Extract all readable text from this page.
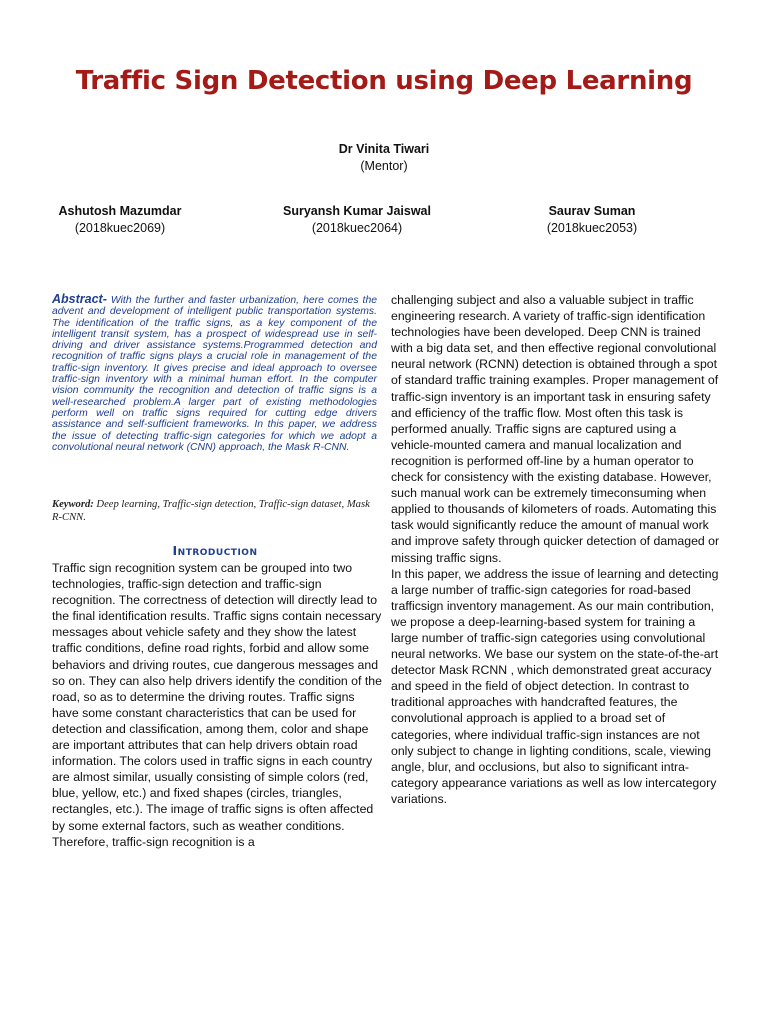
Traffic Sign Detection using Deep Learning
Dr Vinita Tiwari
(Mentor)
Ashutosh Mazumdar
(2018kuec2069)
Suryansh Kumar Jaiswal
(2018kuec2064)
Saurav Suman
(2018kuec2053)

Abstract- With the further and faster urbanization, here comes the advent and development of intelligent public transportation systems. The identification of the traffic signs, as a key component of the intelligent transit system, has a prospect of widespread use in self-driving and driver assistance systems.Programmed detection and recognition of traffic signs plays a crucial role in management of the traffic-sign inventory. It gives precise and ideal approach to oversee traffic-sign inventory with a minimal human effort. In the computer vision community the recognition and detection of traffic signs is a well-researched problem.A larger part of existing methodologies perform well on traffic signs required for cutting edge drivers assistance and self-sufficient frameworks. In this paper, we address the issue of detecting traffic-sign categories for which we adopt a convolutional neural network (CNN) approach, the Mask R-CNN.

Keyword: Deep learning, Traffic-sign detection, Traffic-sign dataset, Mask R-CNN.

Introduction

Traffic sign recognition system can be grouped into two technologies, traffic-sign detection and traffic-sign recognition. The correctness of detection will directly lead to the final identification results. Traffic signs contain necessary messages about vehicle safety and they show the latest traffic conditions, define road rights, forbid and allow some behaviors and driving routes, cue dangerous messages and so on. They can also help drivers identify the condition of the road, so as to determine the driving routes. Traffic signs have some constant characteristics that can be used for detection and classification, among them, color and shape are important attributes that can help drivers obtain road information. The colors used in traffic signs in each country are almost similar, usually consisting of simple colors (red, blue, yellow, etc.) and fixed shapes (circles, triangles, rectangles, etc.). The image of traffic signs is often affected by some external factors, such as weather conditions. Therefore, traffic-sign recognition is a

challenging subject and also a valuable subject in traffic engineering research. A variety of traffic-sign identification technologies have been developed. Deep CNN is trained with a big data set, and then effective regional convolutional neural network (RCNN) detection is obtained through a spot of standard traffic training examples. Proper management of traffic-sign inventory is an important task in ensuring safety and efficiency of the traffic flow. Most often this task is performed anually. Traffic signs are captured using a vehicle-mounted camera and manual localization and recognition is performed off-line by a human operator to check for consistency with the existing database. However, such manual work can be extremely timeconsuming when applied to thousands of kilometers of roads. Automating this task would significantly reduce the amount of manual work and improve safety through quicker detection of damaged or missing traffic signs.

In this paper, we address the issue of learning and detecting a large number of traffic-sign categories for road-based trafficsign inventory management. As our main contribution, we propose a deep-learning-based system for training a large number of traffic-sign categories using convolutional neural networks. We base our system on the state-of-the-art detector Mask RCNN , which demonstrated great accuracy and speed in the field of object detection. In contrast to traditional approaches with handcrafted features, the convolutional approach is applied to a broad set of categories, where individual traffic-sign instances are not only subject to change in lighting conditions, scale, viewing angle, blur, and occlusions, but also to significant intra-category appearance variations as well as low intercategory variations.
